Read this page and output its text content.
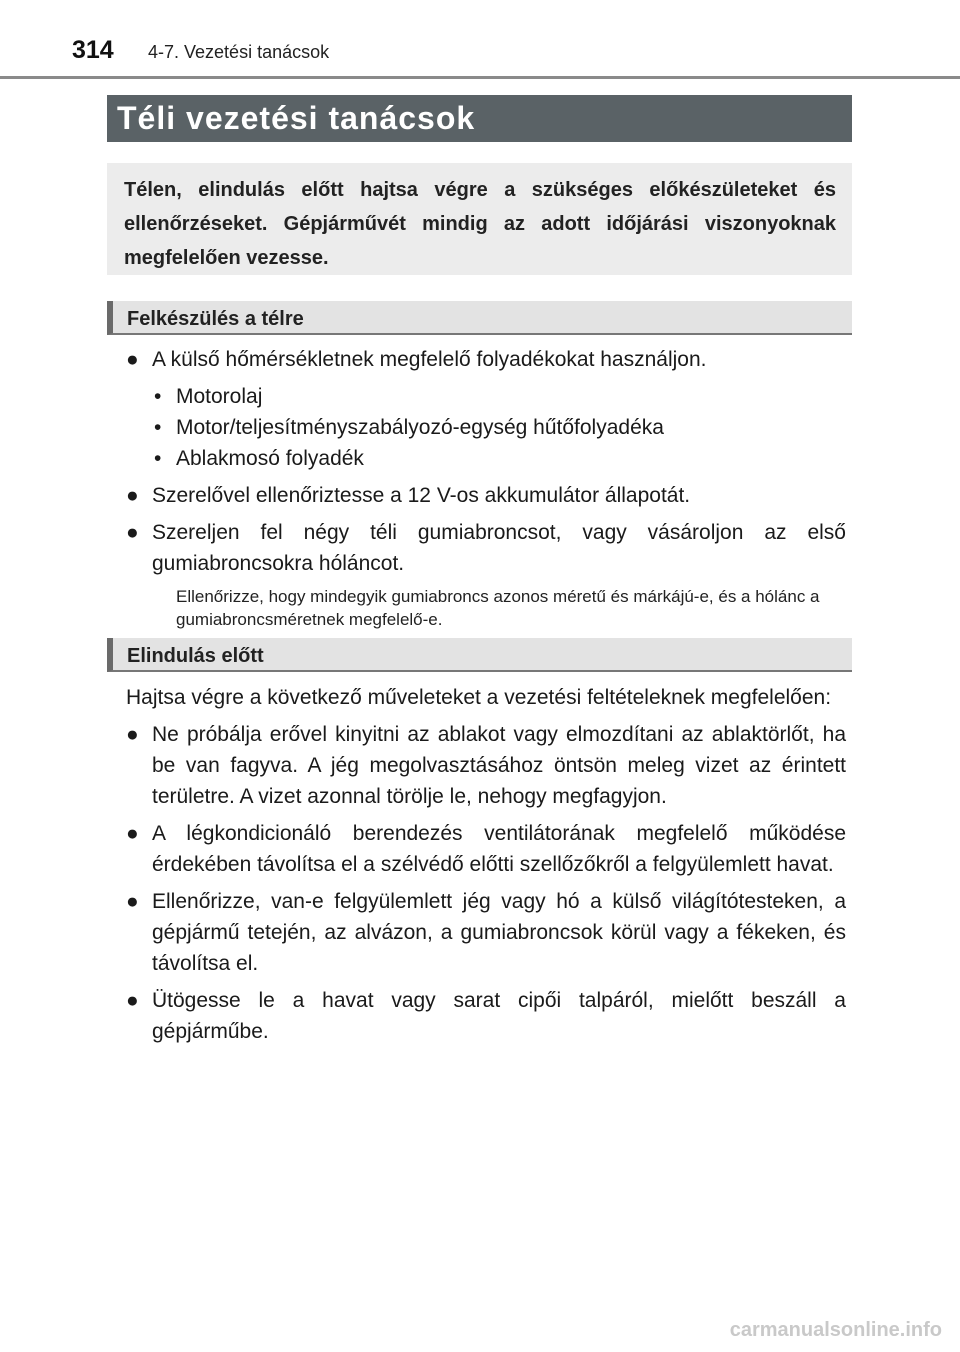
314 4-7. Vezetési tanácsok
Téli vezetési tanácsok
Télen, elindulás előtt hajtsa végre a szükséges előkészületeket és ellenőrzéseket. Gépjárművét mindig az adott időjárási viszonyoknak megfelelően vezesse.
Felkészülés a télre
● A külső hőmérsékletnek megfelelő folyadékokat használjon.
• Motorolaj
• Motor/teljesítményszabályozó-egység hűtőfolyadéka
• Ablakmosó folyadék
● Szerelővel ellenőriztesse a 12 V-os akkumulátor állapotát.
● Szereljen fel négy téli gumiabroncsot, vagy vásároljon az első gumiabroncsokra hóláncot.
Ellenőrizze, hogy mindegyik gumiabroncs azonos méretű és márkájú-e, és a hólánc a gumiabroncsméretnek megfelelő-e.
Elindulás előtt
Hajtsa végre a következő műveleteket a vezetési feltételeknek megfelelően:
● Ne próbálja erővel kinyitni az ablakot vagy elmozdítani az ablaktörlőt, ha be van fagyva. A jég megolvasztásához öntsön meleg vizet az érintett területre. A vizet azonnal törölje le, nehogy megfagyjon.
● A légkondicionáló berendezés ventilátorának megfelelő működése érdekében távolítsa el a szélvédő előtti szellőzőkről a felgyülemlett havat.
● Ellenőrizze, van-e felgyülemlett jég vagy hó a külső világítótesteken, a gépjármű tetején, az alvázon, a gumiabroncsok körül vagy a fékeken, és távolítsa el.
● Ütögesse le a havat vagy sarat cipői talpáról, mielőtt beszáll a gépjárműbe.
carmanualsonline.info
